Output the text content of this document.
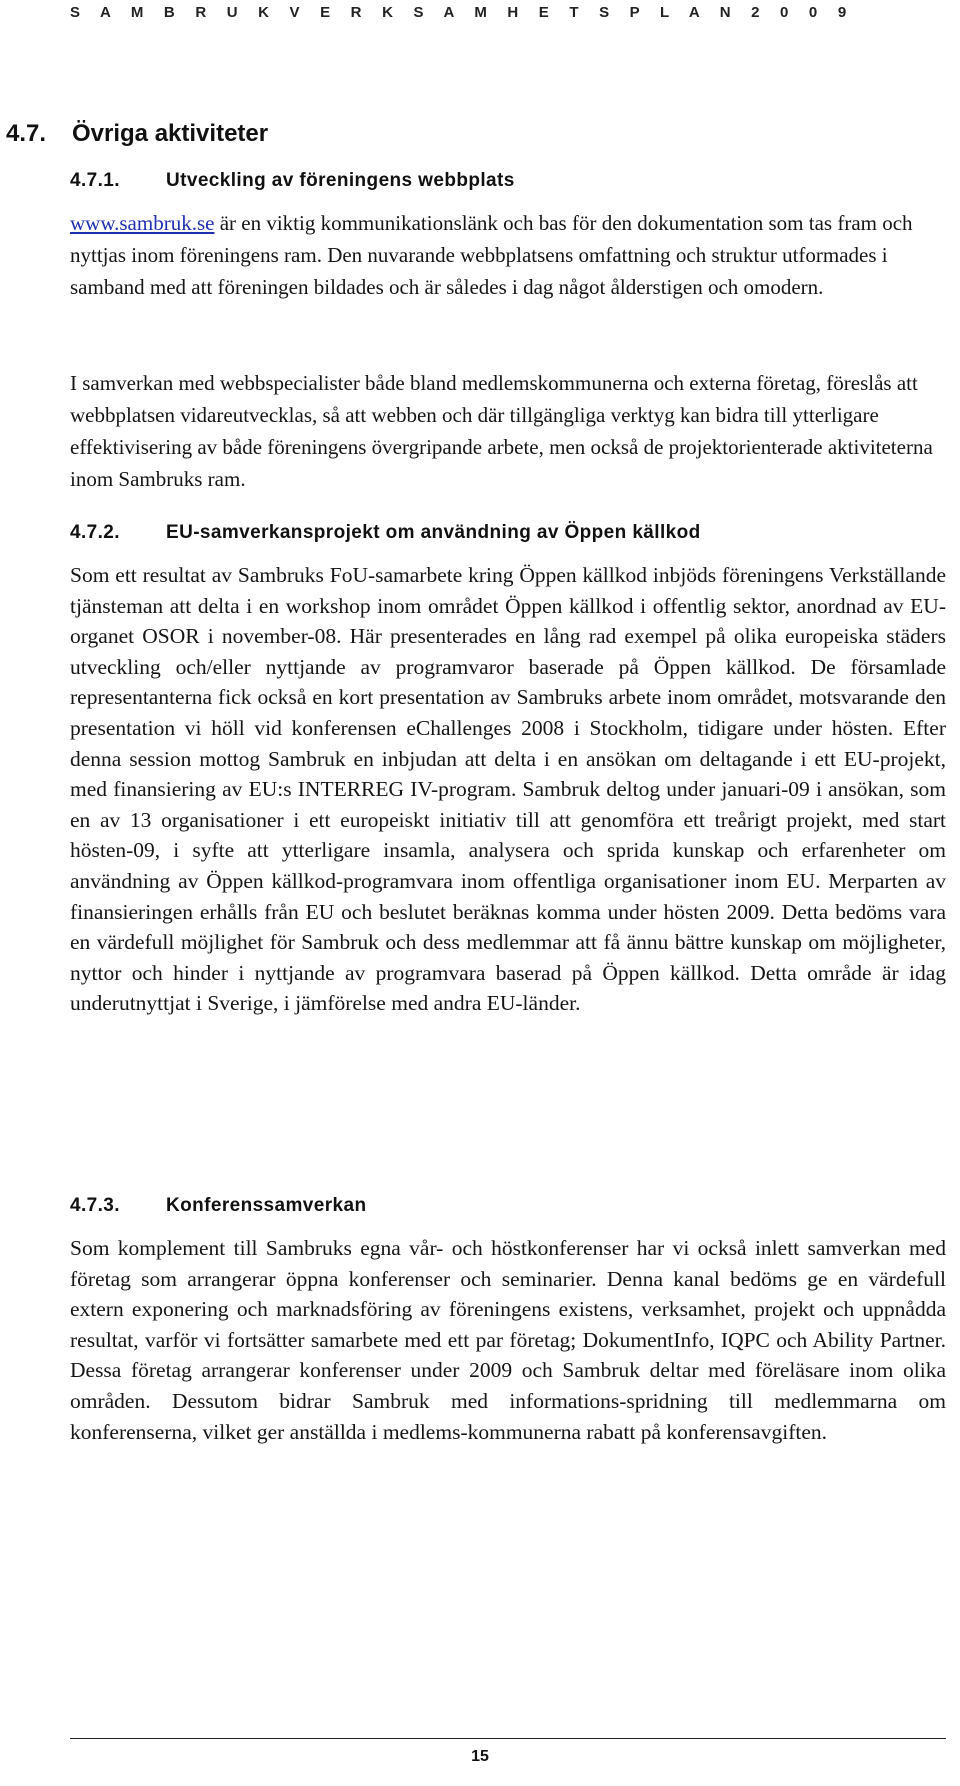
S A M B R U K V E R K S A M H E T S P L A N 2 0 0 9
4.7. Övriga aktiviteter
4.7.1. Utveckling av föreningens webbplats

www.sambruk.se är en viktig kommunikationslänk och bas för den dokumentation som tas fram och nyttjas inom föreningens ram. Den nuvarande webbplatsens omfattning och struktur utformades i samband med att föreningen bildades och är således i dag något ålderstigen och omodern.

I samverkan med webbspecialister både bland medlemskommunerna och externa företag, föreslås att webbplatsen vidareutvecklas, så att webben och där tillgängliga verktyg kan bidra till ytterligare effektivisering av både föreningens övergripande arbete, men också de projektorienterade aktiviteterna inom Sambruks ram.

4.7.2. EU-samverkansprojekt om användning av Öppen källkod

Som ett resultat av Sambruks FoU-samarbete kring Öppen källkod inbjöds föreningens Verkställande tjänsteman att delta i en workshop inom området Öppen källkod i offentlig sektor, anordnad av EU-organet OSOR i november-08. Här presenterades en lång rad exempel på olika europeiska städers utveckling och/eller nyttjande av programvaror baserade på Öppen källkod. De församlade representanterna fick också en kort presentation av Sambruks arbete inom området, motsvarande den presentation vi höll vid konferensen eChallenges 2008 i Stockholm, tidigare under hösten. Efter denna session mottog Sambruk en inbjudan att delta i en ansökan om deltagande i ett EU-projekt, med finansiering av EU:s INTERREG IV-program. Sambruk deltog under januari-09 i ansökan, som en av 13 organisationer i ett europeiskt initiativ till att genomföra ett treårigt projekt, med start hösten-09, i syfte att ytterligare insamla, analysera och sprida kunskap och erfarenheter om användning av Öppen källkod-programvara inom offentliga organisationer inom EU. Merparten av finansieringen erhålls från EU och beslutet beräknas komma under hösten 2009. Detta bedöms vara en värdefull möjlighet för Sambruk och dess medlemmar att få ännu bättre kunskap om möjligheter, nyttor och hinder i nyttjande av programvara baserad på Öppen källkod. Detta område är idag underutnyttjat i Sverige, i jämförelse med andra EU-länder.

4.7.3. Konferenssamverkan

Som komplement till Sambruks egna vår- och höstkonferenser har vi också inlett samverkan med företag som arrangerar öppna konferenser och seminarier. Denna kanal bedöms ge en värdefull extern exponering och marknadsföring av föreningens existens, verksamhet, projekt och uppnådda resultat, varför vi fortsätter samarbete med ett par företag; DokumentInfo, IQPC och Ability Partner. Dessa företag arrangerar konferenser under 2009 och Sambruk deltar med föreläsare inom olika områden. Dessutom bidrar Sambruk med informations-spridning till medlemmarna om konferenserna, vilket ger anställda i medlems-kommunerna rabatt på konferensavgiften.

15
